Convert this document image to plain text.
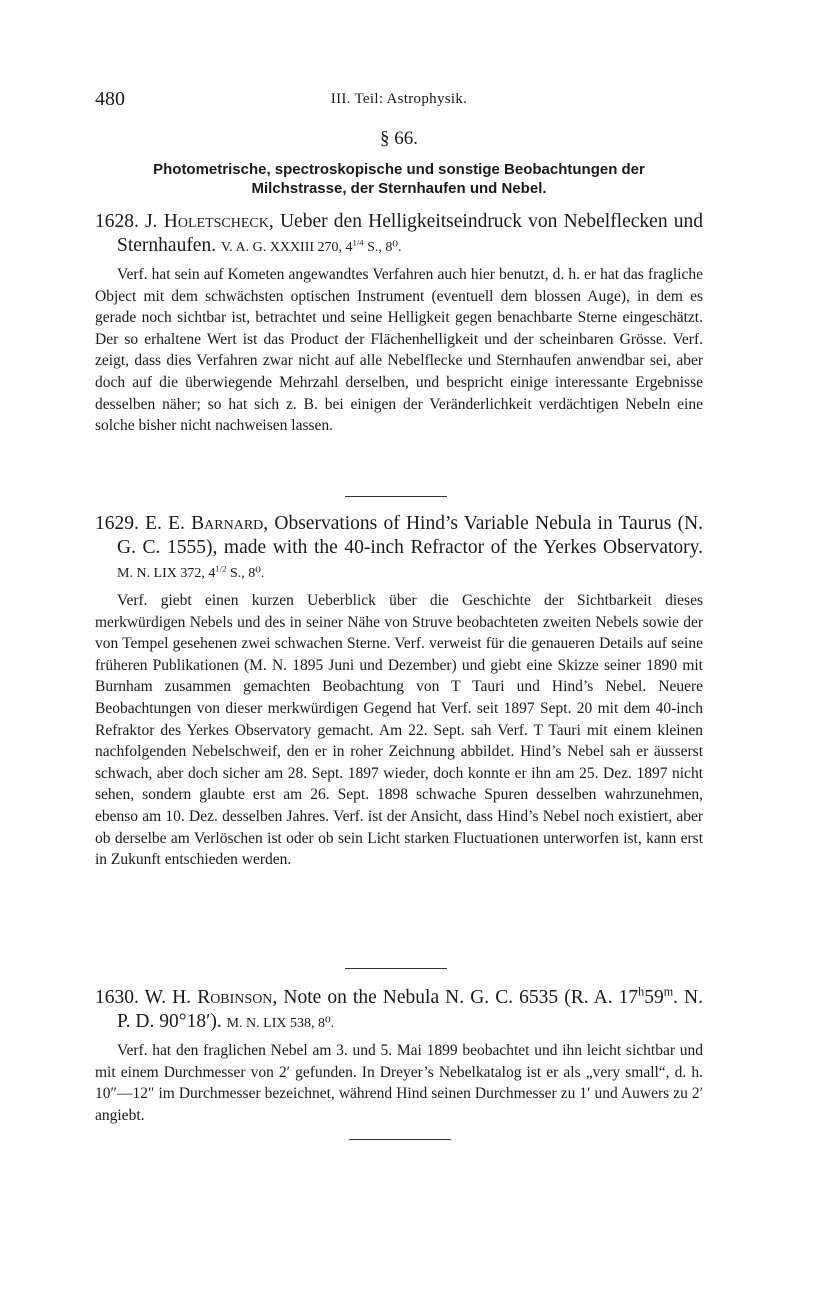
480	III. Teil: Astrophysik.
§ 66.
Photometrische, spectroskopische und sonstige Beobachtungen der
Milchstrasse, der Sternhaufen und Nebel.
1628. J. Holetscheck, Ueber den Helligkeitseindruck von Nebelflecken und Sternhaufen. V. A. G. XXXIII 270, $4^{1/4}$ S., 8⁰.
Verf. hat sein auf Kometen angewandtes Verfahren auch hier benutzt, d. h. er hat das fragliche Object mit dem schwächsten optischen Instrument (eventuell dem blossen Auge), in dem es gerade noch sichtbar ist, betrachtet und seine Helligkeit gegen benachbarte Sterne eingeschätzt. Der so erhaltene Wert ist das Product der Flächenhelligkeit und der scheinbaren Grösse. Verf. zeigt, dass dies Verfahren zwar nicht auf alle Nebelflecke und Sternhaufen anwendbar sei, aber doch auf die überwiegende Mehrzahl derselben, und bespricht einige interessante Ergebnisse desselben näher; so hat sich z. B. bei einigen der Veränderlichkeit verdächtigen Nebeln eine solche bisher nicht nachweisen lassen.
1629. E. E. Barnard, Observations of Hind’s Variable Nebula in Taurus (N. G. C. 1555), made with the 40-inch Refractor of the Yerkes Observatory. M. N. LIX 372, $4^{1/2}$ S., 8⁰.
Verf. giebt einen kurzen Ueberblick über die Geschichte der Sichtbarkeit dieses merkwürdigen Nebels und des in seiner Nähe von Struve beobachteten zweiten Nebels sowie der von Tempel gesehenen zwei schwachen Sterne. Verf. verweist für die genaueren Details auf seine früheren Publikationen (M. N. 1895 Juni und Dezember) und giebt eine Skizze seiner 1890 mit Burnham zusammen gemachten Beobachtung von T Tauri und Hind’s Nebel. Neuere Beobachtungen von dieser merkwürdigen Gegend hat Verf. seit 1897 Sept. 20 mit dem 40-inch Refraktor des Yerkes Observatory gemacht. Am 22. Sept. sah Verf. T Tauri mit einem kleinen nachfolgenden Nebelschweif, den er in roher Zeichnung abbildet. Hind’s Nebel sah er äusserst schwach, aber doch sicher am 28. Sept. 1897 wieder, doch konnte er ihn am 25. Dez. 1897 nicht sehen, sondern glaubte erst am 26. Sept. 1898 schwache Spuren desselben wahrzunehmen, ebenso am 10. Dez. desselben Jahres. Verf. ist der Ansicht, dass Hind’s Nebel noch existiert, aber ob derselbe am Verlöschen ist oder ob sein Licht starken Fluctuationen unterworfen ist, kann erst in Zukunft entschieden werden.
1630. W. H. Robinson, Note on the Nebula N. G. C. 6535 (R. A. 17$^h$59$^m$. N. P. D. 90°18′). M. N. LIX 538, 8⁰.
Verf. hat den fraglichen Nebel am 3. und 5. Mai 1899 beobachtet und ihn leicht sichtbar und mit einem Durchmesser von 2′ gefunden. In Dreyer’s Nebelkatalog ist er als „very small“, d. h. 10″—12″ im Durchmesser bezeichnet, während Hind seinen Durchmesser zu 1′ und Auwers zu 2′ angiebt.
